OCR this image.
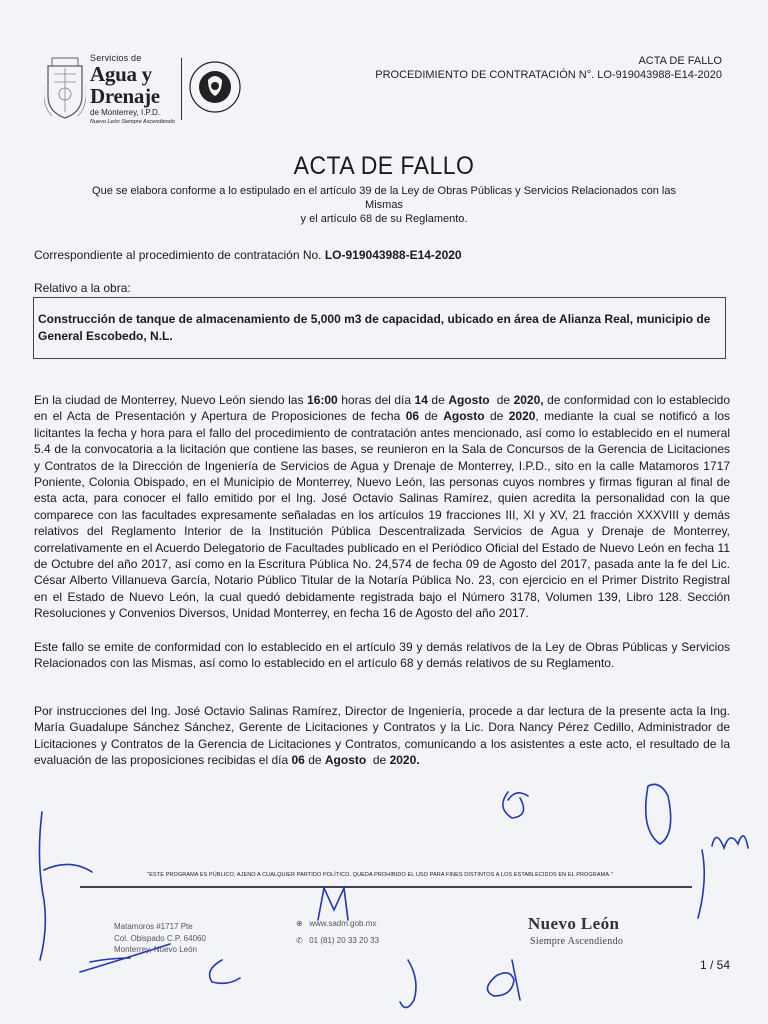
Servicios de
Agua y
Drenaje
de Monterrey, I.P.D.
Nuevo León Siempre Ascendiendo
ACTA DE FALLO
PROCEDIMIENTO DE CONTRATACIÓN N°. LO-919043988-E14-2020
ACTA DE FALLO
Que se elabora conforme a lo estipulado en el artículo 39 de la Ley de Obras Públicas y Servicios Relacionados con las Mismas
y el artículo 68 de su Reglamento.
Correspondiente al procedimiento de contratación No. LO-919043988-E14-2020
Relativo a la obra:
Construcción de tanque de almacenamiento de 5,000 m3 de capacidad, ubicado en área de Alianza Real, municipio de General Escobedo, N.L.
En la ciudad de Monterrey, Nuevo León siendo las 16:00 horas del día 14 de Agosto  de 2020, de conformidad con lo establecido en el Acta de Presentación y Apertura de Proposiciones de fecha 06 de Agosto de 2020, mediante la cual se notificó a los licitantes la fecha y hora para el fallo del procedimiento de contratación antes mencionado, así como lo establecido en el numeral 5.4 de la convocatoria a la licitación que contiene las bases, se reunieron en la Sala de Concursos de la Gerencia de Licitaciones y Contratos de la Dirección de Ingeniería de Servicios de Agua y Drenaje de Monterrey, I.P.D., sito en la calle Matamoros 1717 Poniente, Colonia Obispado, en el Municipio de Monterrey, Nuevo León, las personas cuyos nombres y firmas figuran al final de esta acta, para conocer el fallo emitido por el Ing. José Octavio Salinas Ramírez, quien acredita la personalidad con la que comparece con las facultades expresamente señaladas en los artículos 19 fracciones III, XI y XV, 21 fracción XXXVIII y demás relativos del Reglamento Interior de la Institución Pública Descentralizada Servicios de Agua y Drenaje de Monterrey, correlativamente en el Acuerdo Delegatorio de Facultades publicado en el Periódico Oficial del Estado de Nuevo León en fecha 11 de Octubre del año 2017, así como en la Escritura Pública No. 24,574 de fecha 09 de Agosto del 2017, pasada ante la fe del Lic. César Alberto Villanueva García, Notario Público Titular de la Notaría Pública No. 23, con ejercicio en el Primer Distrito Registral en el Estado de Nuevo León, la cual quedó debidamente registrada bajo el Número 3178, Volumen 139, Libro 128. Sección Resoluciones y Convenios Diversos, Unidad Monterrey, en fecha 16 de Agosto del año 2017.
Este fallo se emite de conformidad con lo establecido en el artículo 39 y demás relativos de la Ley de Obras Públicas y Servicios Relacionados con las Mismas, así como lo establecido en el artículo 68 y demás relativos de su Reglamento.
Por instrucciones del Ing. José Octavio Salinas Ramírez, Director de Ingeniería, procede a dar lectura de la presente acta la Ing. María Guadalupe Sánchez Sánchez, Gerente de Licitaciones y Contratos y la Lic. Dora Nancy Pérez Cedillo, Administrador de Licitaciones y Contratos de la Gerencia de Licitaciones y Contratos, comunicando a los asistentes a este acto, el resultado de la evaluación de las proposiciones recibidas el día 06 de Agosto  de 2020.
"ESTE PROGRAMA ES PÚBLICO, AJENO A CUALQUIER PARTIDO POLÍTICO. QUEDA PROHIBIDO EL USO PARA FINES DISTINTOS A LOS ESTABLECIDOS EN EL PROGRAMA."
Matamoros #1717 Pte
Col. Obispado C.P. 64060
Monterrey, Nuevo León
⊕ www.sadm.gob.mx
✆ 01 (81) 20 33 20 33
Nuevo León
Siempre Ascendiendo
1 / 54
